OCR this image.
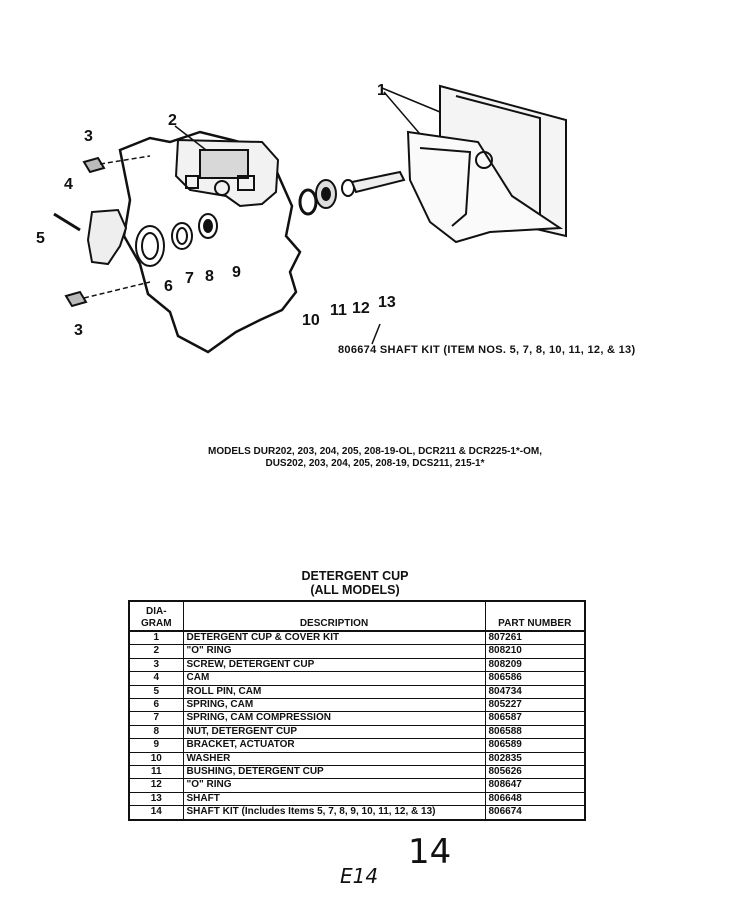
1
2
3
4
5
6 7 8 9
10
11 12 13
3
806674 SHAFT KIT (ITEM NOS. 5, 7, 8, 10, 11, 12, & 13)
MODELS DUR202, 203, 204, 205, 208-19-OL, DCR211 & DCR225-1*-OM,
DUS202, 203, 204, 205, 208-19, DCS211, 215-1*
DETERGENT CUP
(ALL MODELS)
DIA-GRAM	DESCRIPTION	PART NUMBER
1	DETERGENT CUP & COVER KIT	807261
2	"O" RING	808210
3	SCREW, DETERGENT CUP	808209
4	CAM	806586
5	ROLL PIN, CAM	804734
6	SPRING, CAM	805227
7	SPRING, CAM COMPRESSION	806587
8	NUT, DETERGENT CUP	806588
9	BRACKET, ACTUATOR	806589
10	WASHER	802835
11	BUSHING, DETERGENT CUP	805626
12	"O" RING	808647
13	SHAFT	806648
14	SHAFT KIT (Includes Items 5, 7, 8, 9, 10, 11, 12, & 13)	806674
14
E14
